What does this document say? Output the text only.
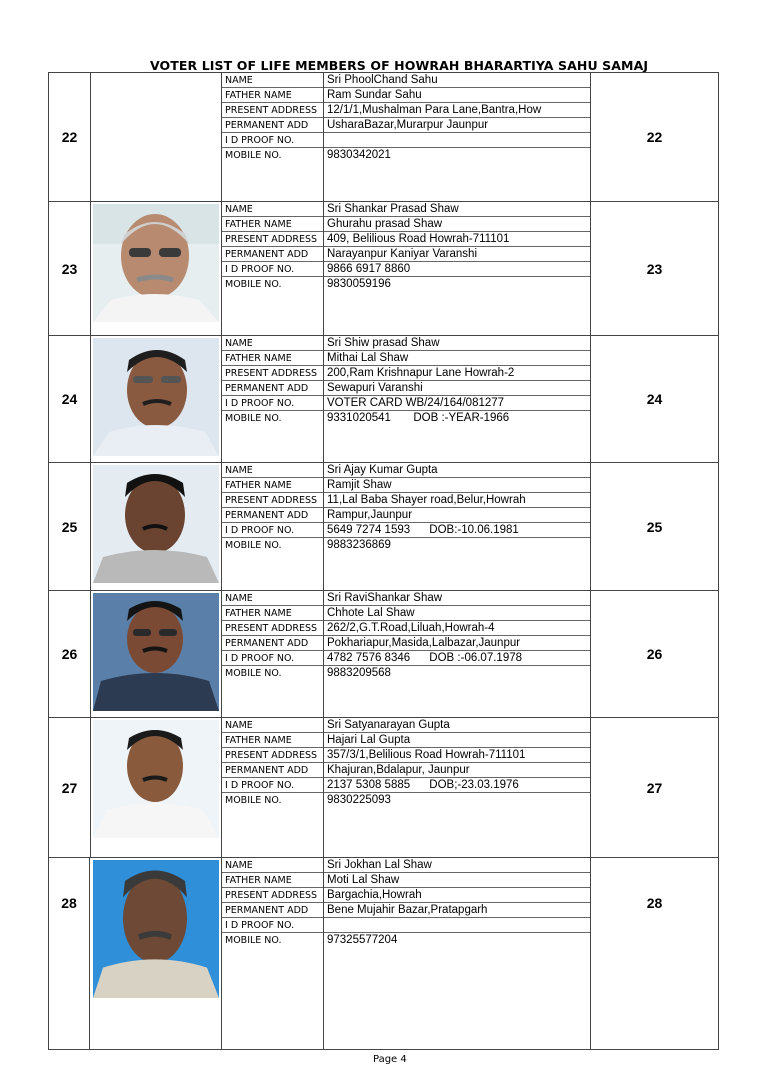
VOTER LIST OF LIFE MEMBERS OF HOWRAH BHARARTIYA SAHU SAMAJ
22
NAME
FATHER NAME
PRESENT ADDRESS
PERMANENT ADD
I D PROOF NO.
MOBILE NO.
Sri PhoolChand Sahu
Ram Sundar Sahu
12/1/1,Mushalman Para Lane,Bantra,How
UsharaBazar,Murarpur Jaunpur
9830342021
22
23
NAME
FATHER NAME
PRESENT ADDRESS
PERMANENT ADD
I D PROOF NO.
MOBILE NO.
Sri Shankar Prasad Shaw
Ghurahu prasad Shaw
409, Belilious Road Howrah-711101
Narayanpur Kaniyar Varanshi
9866 6917 8860
9830059196
23
24
NAME
FATHER NAME
PRESENT ADDRESS
PERMANENT ADD
I D PROOF NO.
MOBILE NO.
Sri Shiw prasad Shaw
Mithai Lal Shaw
200,Ram Krishnapur Lane Howrah-2
Sewapuri Varanshi
VOTER CARD WB/24/164/081277
9331020541       DOB :-YEAR-1966
24
25
NAME
FATHER NAME
PRESENT ADDRESS
PERMANENT ADD
I D PROOF NO.
MOBILE NO.
Sri Ajay Kumar Gupta
Ramjit Shaw
11,Lal Baba Shayer road,Belur,Howrah
Rampur,Jaunpur
5649 7274 1593      DOB:-10.06.1981
9883236869
25
26
NAME
FATHER NAME
PRESENT ADDRESS
PERMANENT ADD
I D PROOF NO.
MOBILE NO.
Sri RaviShankar Shaw
Chhote Lal Shaw
262/2,G.T.Road,Liluah,Howrah-4
Pokhariapur,Masida,Lalbazar,Jaunpur
4782 7576 8346      DOB :-06.07.1978
9883209568
26
27
NAME
FATHER NAME
PRESENT ADDRESS
PERMANENT ADD
I D PROOF NO.
MOBILE NO.
Sri Satyanarayan Gupta
Hajari Lal Gupta
357/3/1,Belilious Road Howrah-711101
Khajuran,Bdalapur, Jaunpur
2137 5308 5885      DOB;-23.03.1976
9830225093
27
28
NAME
FATHER NAME
PRESENT ADDRESS
PERMANENT ADD
I D PROOF NO.
MOBILE NO.
Sri Jokhan Lal Shaw
Moti Lal Shaw
Bargachia,Howrah
Bene Mujahir Bazar,Pratapgarh
97325577204
28
Page 4
